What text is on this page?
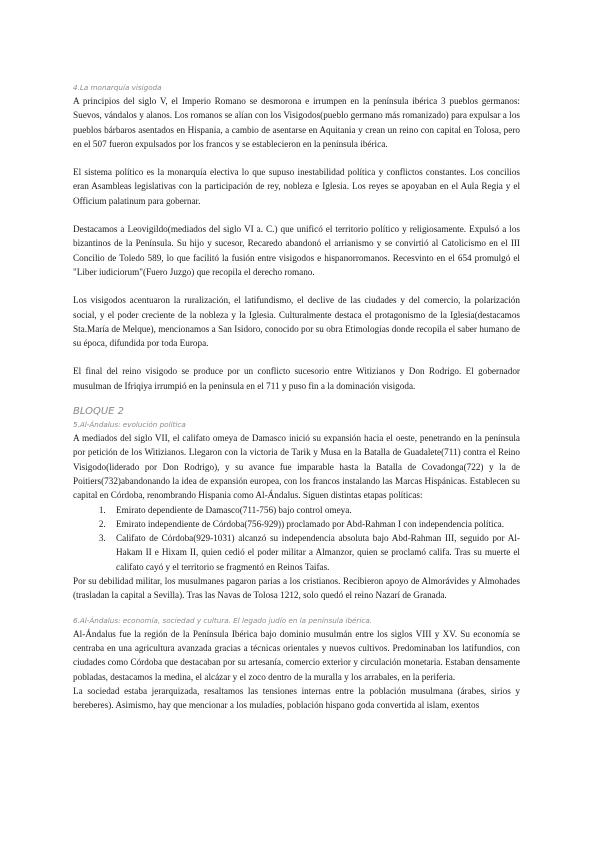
4.La monarquía visigoda

A principios del siglo V, el Imperio Romano se desmorona e irrumpen en la península ibérica 3 pueblos germanos: Suevos, vándalos y alanos. Los romanos se alían con los Visigodos(pueblo germano más romanizado) para expulsar a los pueblos bárbaros asentados en Hispania, a cambio de asentarse en Aquitania y crean un reino con capital en Tolosa, pero en el 507 fueron expulsados por los francos y se establecieron en la península ibérica.

El sistema político es la monarquía electiva lo que supuso inestabilidad política y conflictos constantes. Los concilios eran Asambleas legislativas con la participación de rey, nobleza e Iglesia. Los reyes se apoyaban en el Aula Regia y el Officium palatinum para gobernar.

Destacamos a Leovigildo(mediados del siglo VI a. C.) que unificó el territorio político y religiosamente. Expulsó a los bizantinos de la Península. Su hijo y sucesor, Recaredo abandonó el arrianismo y se convirtió al Catolicismo en el III Concilio de Toledo 589, lo que facilitó la fusión entre visigodos e hispanorromanos. Recesvinto en el 654 promulgó el "Liber iudiciorum"(Fuero Juzgo) que recopila el derecho romano.

Los visigodos acentuaron la ruralización, el latifundismo, el declive de las ciudades y del comercio, la polarización social, y el poder creciente de la nobleza y la Iglesia. Culturalmente destaca el protagonismo de la Iglesia(destacamos Sta.María de Melque), mencionamos a San Isidoro, conocido por su obra Etimologías donde recopila el saber humano de su época, difundida por toda Europa.

El final del reino visigodo se produce por un conflicto sucesorio entre Witizianos y Don Rodrigo. El gobernador musulman de Ifriqiya irrumpió en la península en el 711 y puso fin a la dominación visigoda.

BLOQUE 2

5.Al-Ándalus: evolución política

A mediados del siglo VII, el califato omeya de Damasco inició su expansión hacia el oeste, penetrando en la península por petición de los Witizianos. Llegaron con la victoria de Tarik y Musa en la Batalla de Guadalete(711) contra el Reino Visigodo(liderado por Don Rodrigo), y su avance fue imparable hasta la Batalla de Covadonga(722) y la de Poitiers(732)abandonando la idea de expansión europea, con los francos instalando las Marcas Hispánicas. Establecen su capital en Córdoba, renombrando Hispania como Al-Ándalus. Siguen distintas etapas políticas:

1. Emirato dependiente de Damasco(711-756) bajo control omeya.
2. Emirato independiente de Córdoba(756-929)) proclamado por Abd-Rahman I con independencia política.
3. Califato de Córdoba(929-1031) alcanzó su independencia absoluta bajo Abd-Rahman III, seguido por Al-Hakam II e Hixam II, quien cedió el poder militar a Almanzor, quien se proclamó califa. Tras su muerte el califato cayó y el territorio se fragmentó en Reinos Taifas.

Por su debilidad militar, los musulmanes pagaron parias a los cristianos. Recibieron apoyo de Almorávides y Almohades (trasladan la capital a Sevilla). Tras las Navas de Tolosa 1212, solo quedó el reino Nazarí de Granada.

6.Al-Ándalus: economía, sociedad y cultura. El legado judío en la península ibérica.

Al-Ándalus fue la región de la Península Ibérica bajo dominio musulmán entre los siglos VIII y XV. Su economía se centraba en una agricultura avanzada gracias a técnicas orientales y nuevos cultivos. Predominaban los latifundios, con ciudades como Córdoba que destacaban por su artesanía, comercio exterior y circulación monetaria. Estaban densamente pobladas, destacamos la medina, el alcázar y el zoco dentro de la muralla y los arrabales, en la periferia.

La sociedad estaba jerarquizada, resaltamos las tensiones internas entre la población musulmana (árabes, sirios y bereberes). Asimismo, hay que mencionar a los muladíes, población hispano goda convertida al islam, exentos
